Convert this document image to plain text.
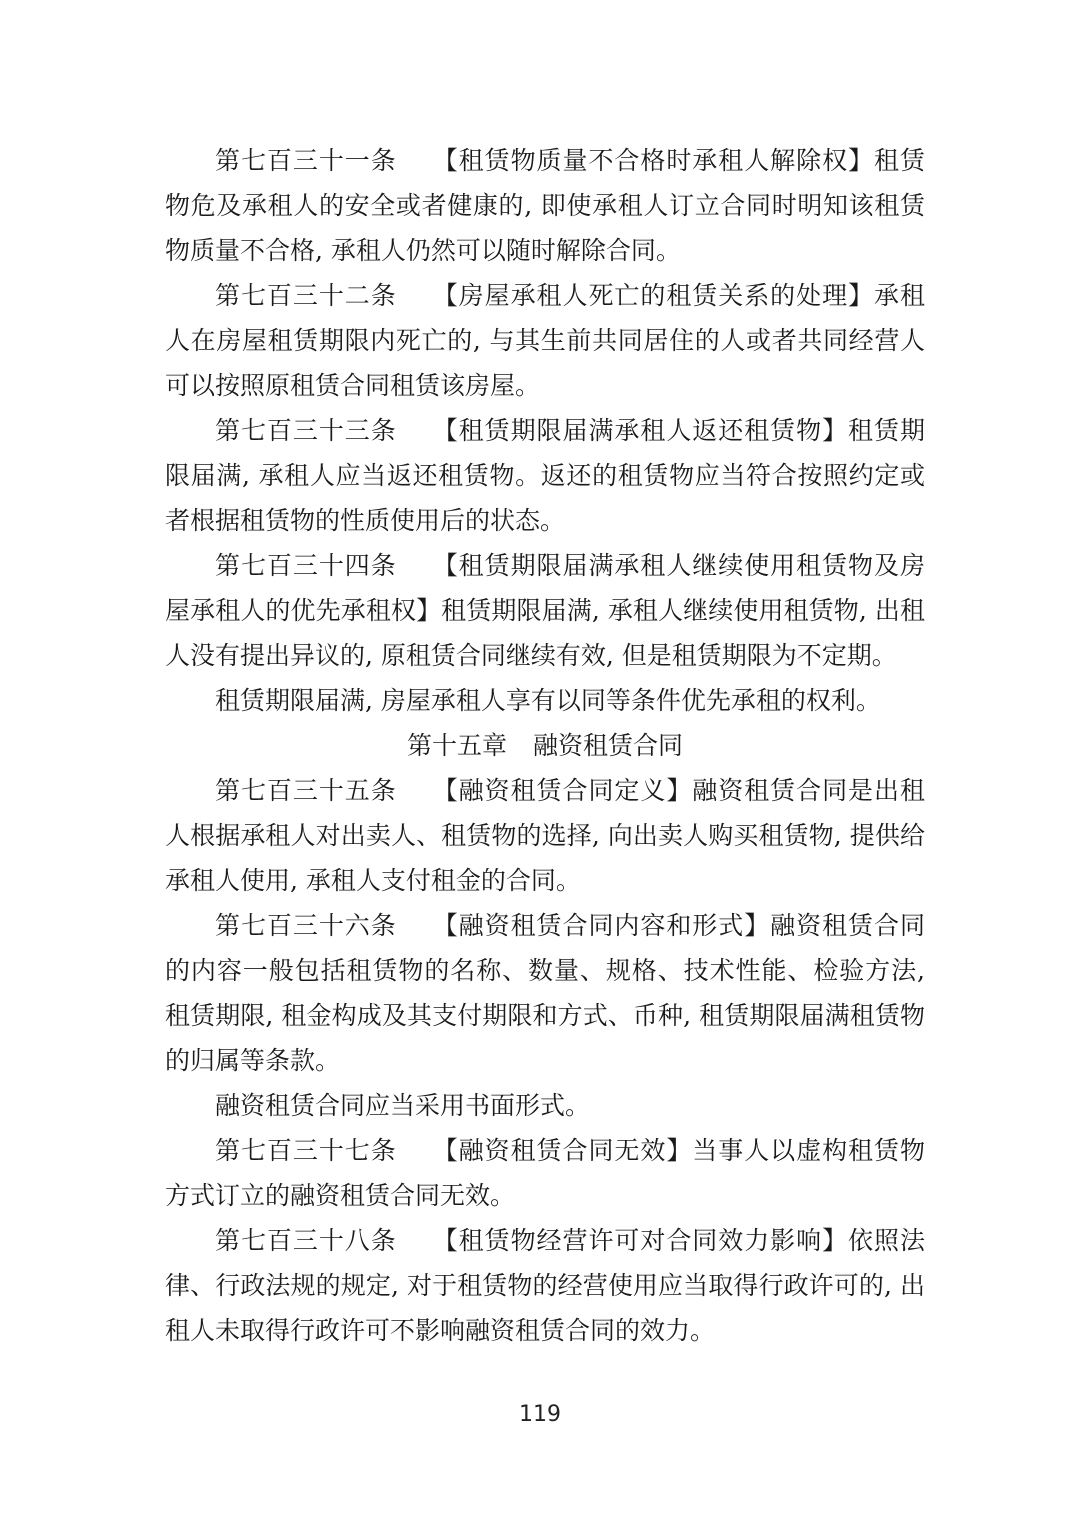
第七百三十一条 【租赁物质量不合格时承租人解除权】租赁物危及承租人的安全或者健康的, 即使承租人订立合同时明知该租赁物质量不合格, 承租人仍然可以随时解除合同。

第七百三十二条 【房屋承租人死亡的租赁关系的处理】承租人在房屋租赁期限内死亡的, 与其生前共同居住的人或者共同经营人可以按照原租赁合同租赁该房屋。

第七百三十三条 【租赁期限届满承租人返还租赁物】租赁期限届满, 承租人应当返还租赁物。返还的租赁物应当符合按照约定或者根据租赁物的性质使用后的状态。

第七百三十四条 【租赁期限届满承租人继续使用租赁物及房屋承租人的优先承租权】租赁期限届满, 承租人继续使用租赁物, 出租人没有提出异议的, 原租赁合同继续有效, 但是租赁期限为不定期。

租赁期限届满, 房屋承租人享有以同等条件优先承租的权利。

第十五章 融资租赁合同

第七百三十五条 【融资租赁合同定义】融资租赁合同是出租人根据承租人对出卖人、租赁物的选择, 向出卖人购买租赁物, 提供给承租人使用, 承租人支付租金的合同。

第七百三十六条 【融资租赁合同内容和形式】融资租赁合同的内容一般包括租赁物的名称、数量、规格、技术性能、检验方法, 租赁期限, 租金构成及其支付期限和方式、币种, 租赁期限届满租赁物的归属等条款。

融资租赁合同应当采用书面形式。

第七百三十七条 【融资租赁合同无效】当事人以虚构租赁物方式订立的融资租赁合同无效。

第七百三十八条 【租赁物经营许可对合同效力影响】依照法律、行政法规的规定, 对于租赁物的经营使用应当取得行政许可的, 出租人未取得行政许可不影响融资租赁合同的效力。

119
